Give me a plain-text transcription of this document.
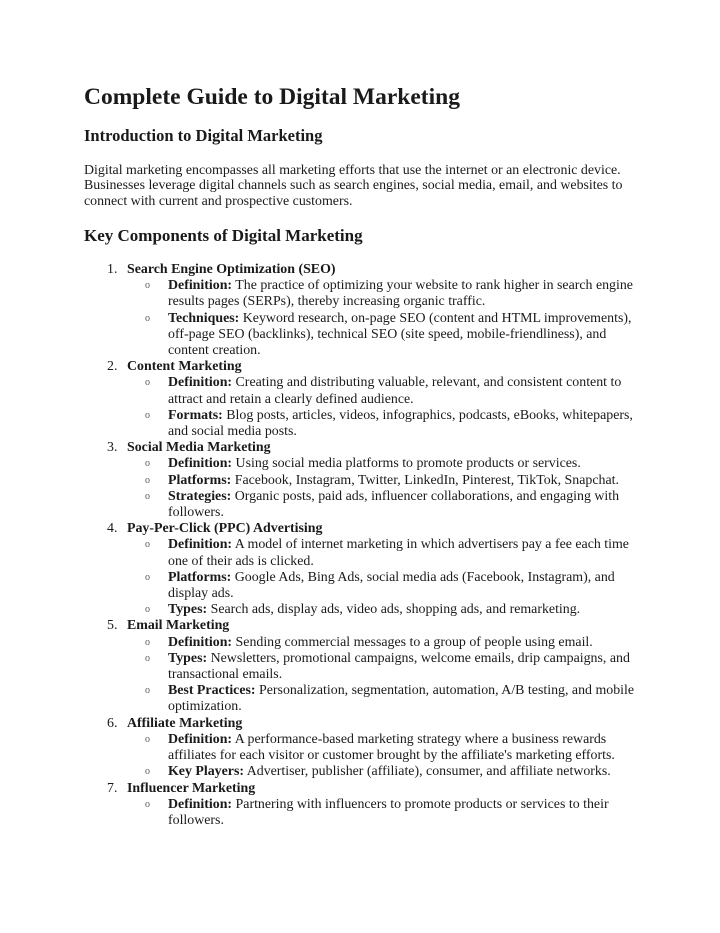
Complete Guide to Digital Marketing
Introduction to Digital Marketing

Digital marketing encompasses all marketing efforts that use the internet or an electronic device. Businesses leverage digital channels such as search engines, social media, email, and websites to connect with current and prospective customers.

Key Components of Digital Marketing
1. Search Engine Optimization (SEO)
o Definition: The practice of optimizing your website to rank higher in search engine results pages (SERPs), thereby increasing organic traffic.
o Techniques: Keyword research, on-page SEO (content and HTML improvements), off-page SEO (backlinks), technical SEO (site speed, mobile-friendliness), and content creation.
2. Content Marketing
o Definition: Creating and distributing valuable, relevant, and consistent content to attract and retain a clearly defined audience.
o Formats: Blog posts, articles, videos, infographics, podcasts, eBooks, whitepapers, and social media posts.
3. Social Media Marketing
o Definition: Using social media platforms to promote products or services.
o Platforms: Facebook, Instagram, Twitter, LinkedIn, Pinterest, TikTok, Snapchat.
o Strategies: Organic posts, paid ads, influencer collaborations, and engaging with followers.
4. Pay-Per-Click (PPC) Advertising
o Definition: A model of internet marketing in which advertisers pay a fee each time one of their ads is clicked.
o Platforms: Google Ads, Bing Ads, social media ads (Facebook, Instagram), and display ads.
o Types: Search ads, display ads, video ads, shopping ads, and remarketing.
5. Email Marketing
o Definition: Sending commercial messages to a group of people using email.
o Types: Newsletters, promotional campaigns, welcome emails, drip campaigns, and transactional emails.
o Best Practices: Personalization, segmentation, automation, A/B testing, and mobile optimization.
6. Affiliate Marketing
o Definition: A performance-based marketing strategy where a business rewards affiliates for each visitor or customer brought by the affiliate's marketing efforts.
o Key Players: Advertiser, publisher (affiliate), consumer, and affiliate networks.
7. Influencer Marketing
o Definition: Partnering with influencers to promote products or services to their followers.
